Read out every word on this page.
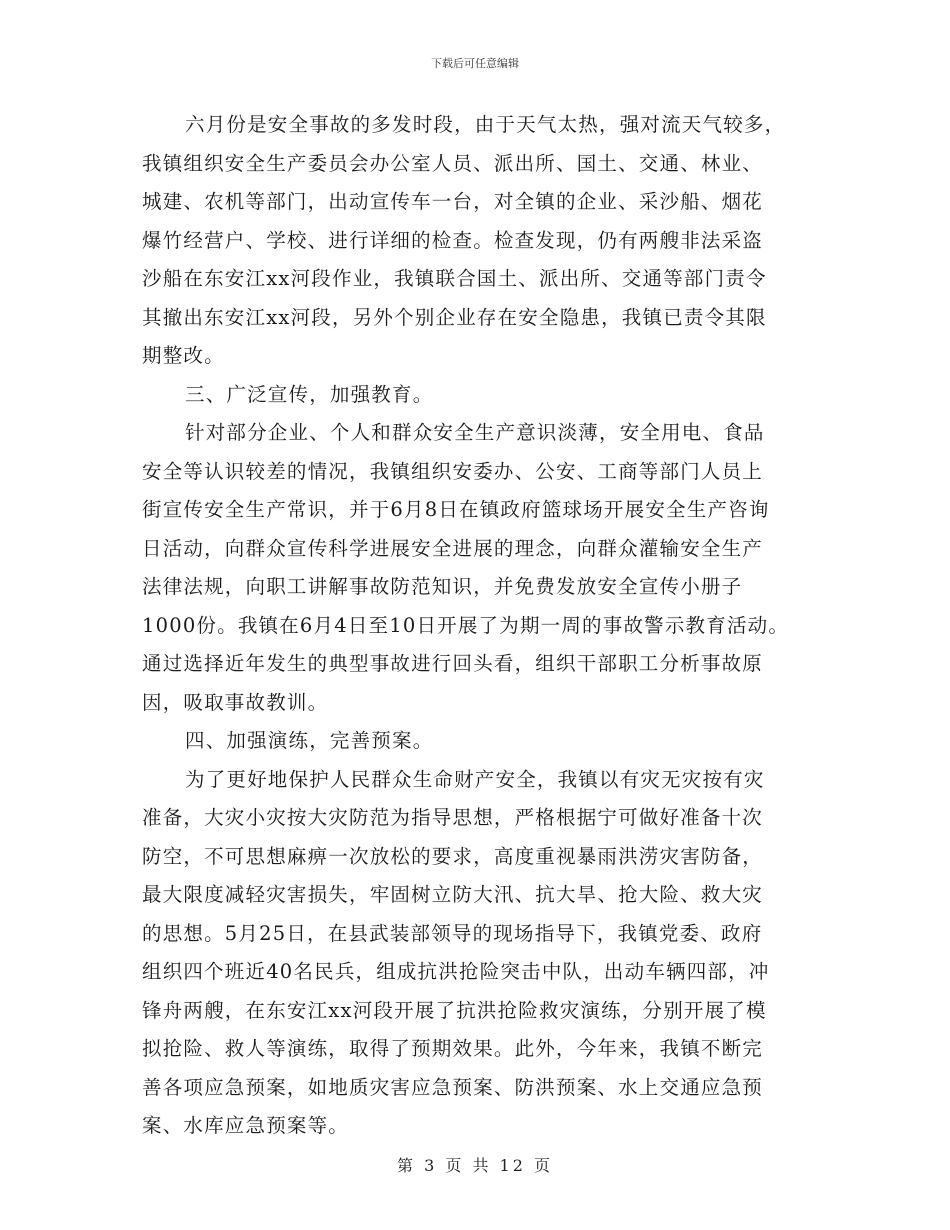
下载后可任意编辑
六月份是安全事故的多发时段，由于天气太热，强对流天气较多，
我镇组织安全生产委员会办公室人员、派出所、国土、交通、林业、
城建、农机等部门，出动宣传车一台，对全镇的企业、采沙船、烟花
爆竹经营户、学校、进行详细的检查。检查发现，仍有两艘非法采盗
沙船在东安江xx河段作业，我镇联合国土、派出所、交通等部门责令
其撤出东安江xx河段，另外个别企业存在安全隐患，我镇已责令其限
期整改。
三、广泛宣传，加强教育。
针对部分企业、个人和群众安全生产意识淡薄，安全用电、食品
安全等认识较差的情况，我镇组织安委办、公安、工商等部门人员上
街宣传安全生产常识，并于6月8日在镇政府篮球场开展安全生产咨询
日活动，向群众宣传科学进展安全进展的理念，向群众灌输安全生产
法律法规，向职工讲解事故防范知识，并免费发放安全宣传小册子
1000份。我镇在6月4日至10日开展了为期一周的事故警示教育活动。
通过选择近年发生的典型事故进行回头看，组织干部职工分析事故原
因，吸取事故教训。
四、加强演练，完善预案。
为了更好地保护人民群众生命财产安全，我镇以有灾无灾按有灾
准备，大灾小灾按大灾防范为指导思想，严格根据宁可做好准备十次
防空，不可思想麻痹一次放松的要求，高度重视暴雨洪涝灾害防备，
最大限度减轻灾害损失，牢固树立防大汛、抗大旱、抢大险、救大灾
的思想。5月25日，在县武装部领导的现场指导下，我镇党委、政府
组织四个班近40名民兵，组成抗洪抢险突击中队，出动车辆四部，冲
锋舟两艘，在东安江xx河段开展了抗洪抢险救灾演练，分别开展了模
拟抢险、救人等演练，取得了预期效果。此外，今年来，我镇不断完
善各项应急预案，如地质灾害应急预案、防洪预案、水上交通应急预
案、水库应急预案等。
第 3 页 共 12 页
